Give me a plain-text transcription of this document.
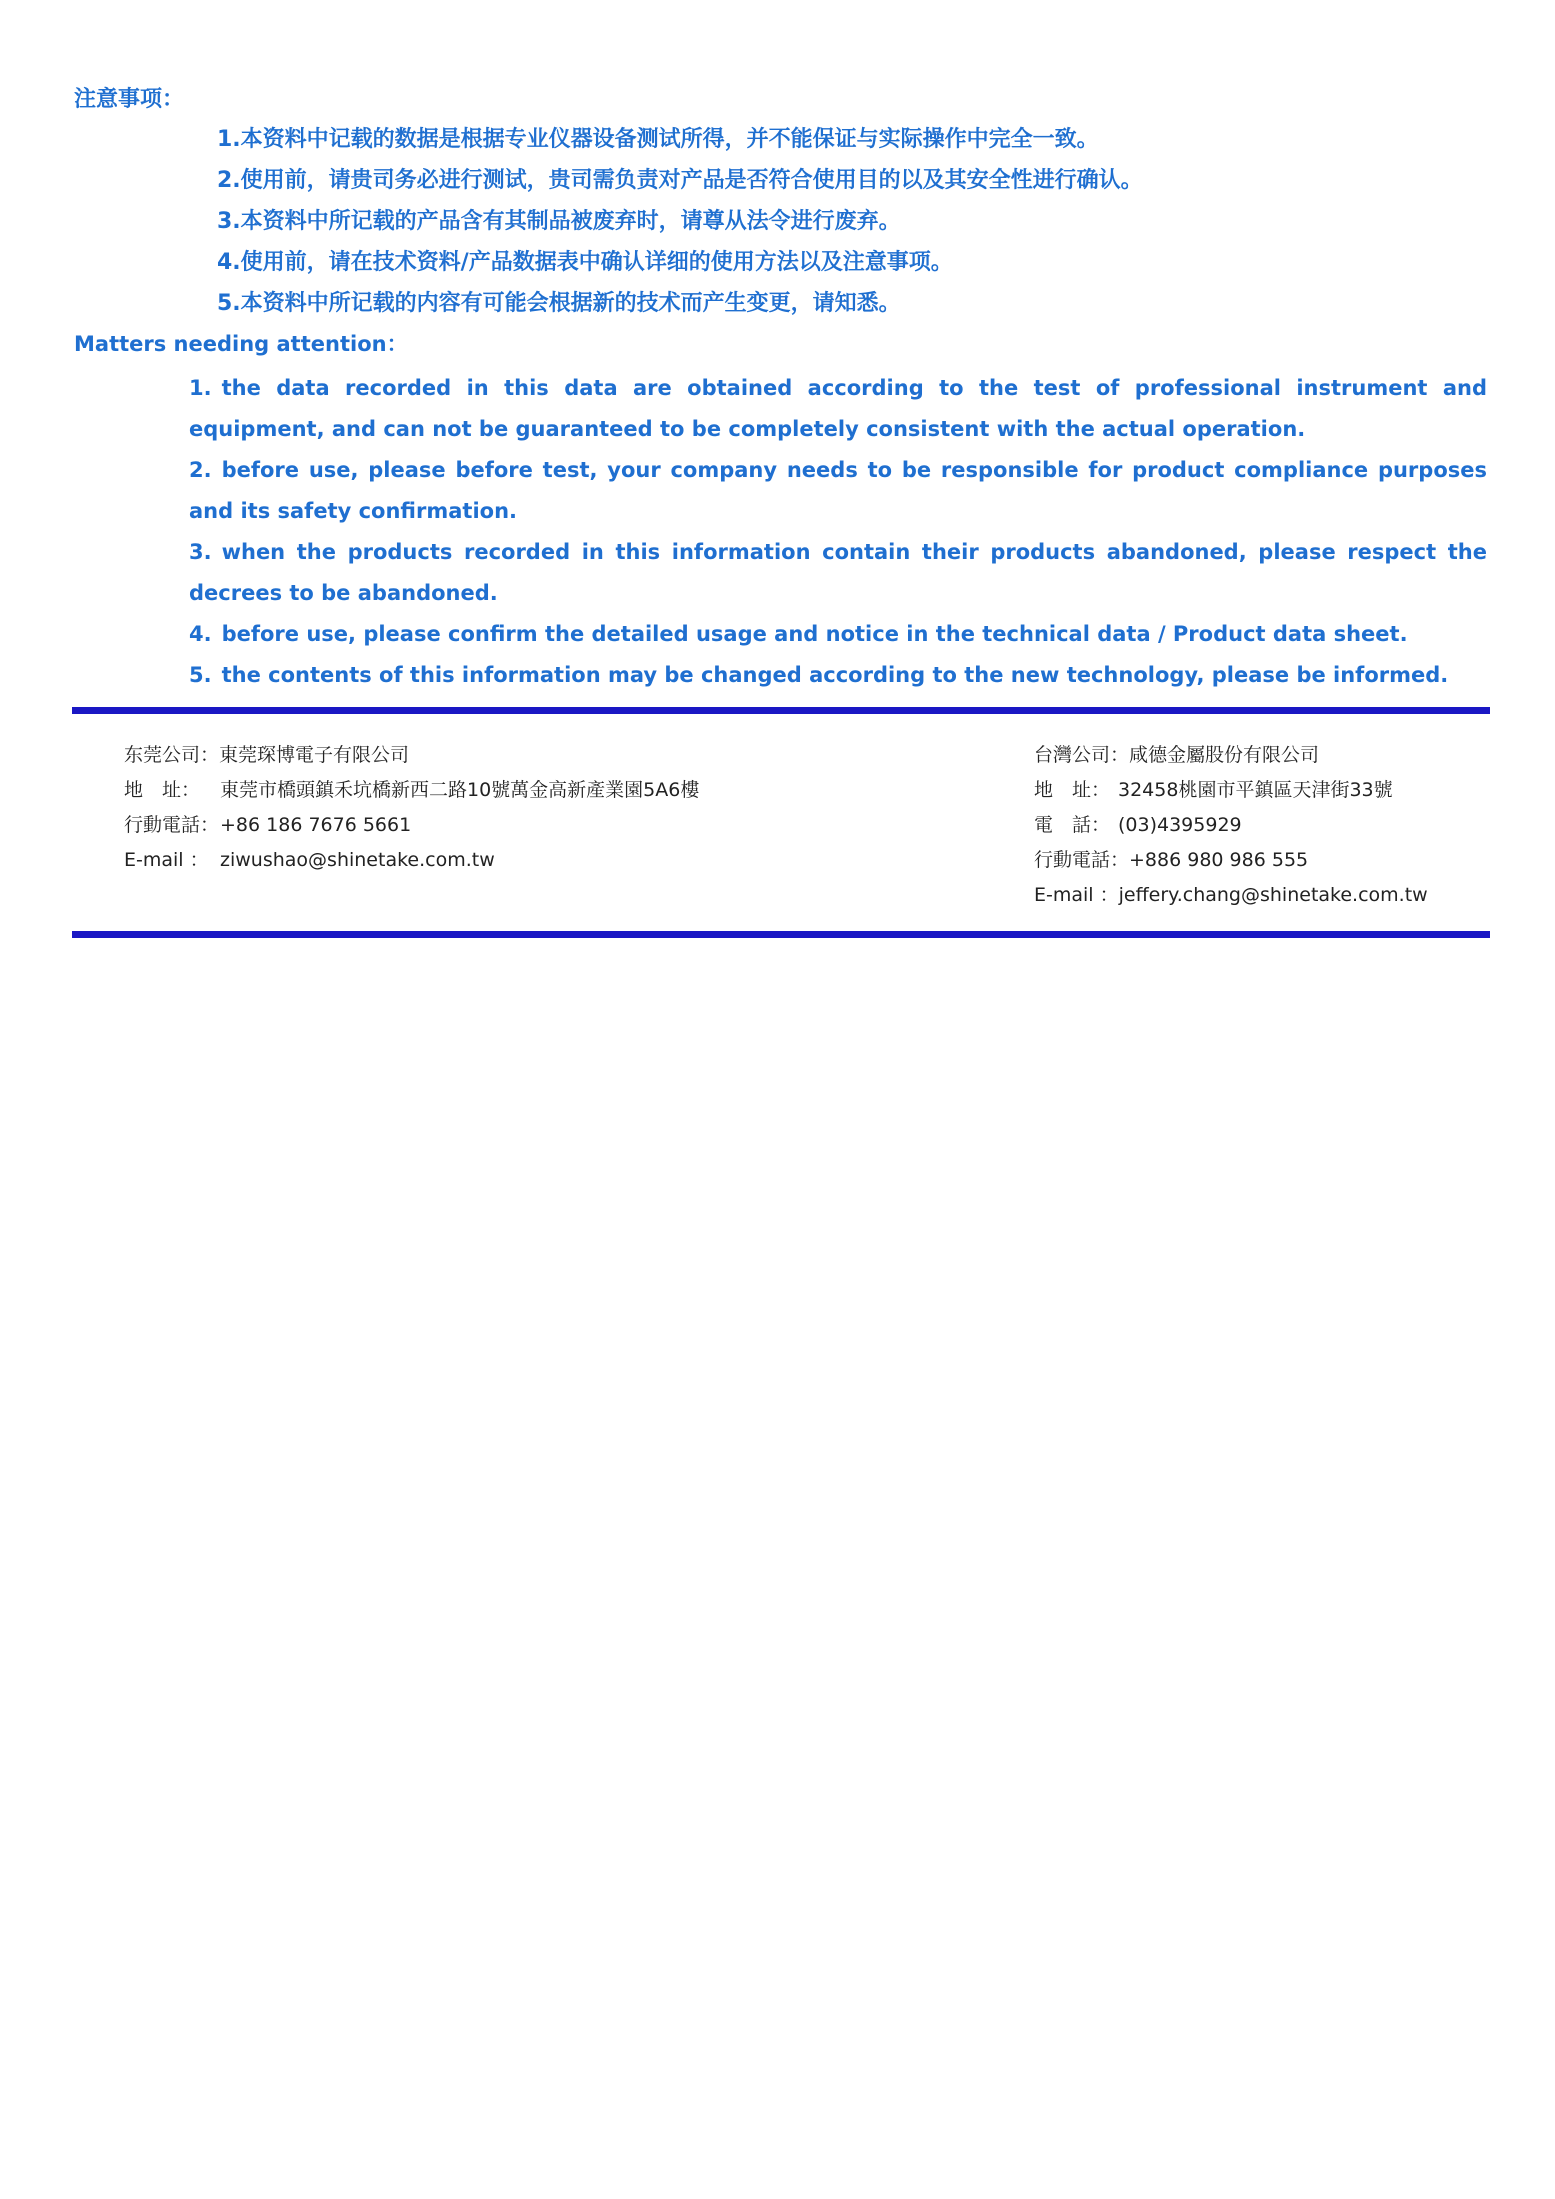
注意事项：
1.本资料中记载的数据是根据专业仪器设备测试所得，并不能保证与实际操作中完全一致。
2.使用前，请贵司务必进行测试，贵司需负责对产品是否符合使用目的以及其安全性进行确认。
3.本资料中所记载的产品含有其制品被废弃时，请尊从法令进行废弃。
4.使用前，请在技术资料/产品数据表中确认详细的使用方法以及注意事项。
5.本资料中所记载的内容有可能会根据新的技术而产生变更，请知悉。
Matters needing attention：
1. the data recorded in this data are obtained according to the test of professional instrument and equipment, and can not be guaranteed to be completely consistent with the actual operation.
2. before use, please before test, your company needs to be responsible for product compliance purposes and its safety confirmation.
3. when the products recorded in this information contain their products abandoned, please respect the decrees to be abandoned.
4. before use, please confirm the detailed usage and notice in the technical data / Product data sheet.
5. the contents of this information may be changed according to the new technology, please be informed.
东莞公司：東莞琛博電子有限公司
地　址： 東莞市橋頭鎮禾坑橋新西二路10號萬金高新產業園5A6樓
行動電話：+86 186 7676 5661
E-mail ： ziwushao@shinetake.com.tw
台灣公司：咸德金屬股份有限公司
地　址： 32458桃園市平鎮區天津街33號
電　話： (03)4395929
行動電話：+886 980 986 555
E-mail ：jeffery.chang@shinetake.com.tw
